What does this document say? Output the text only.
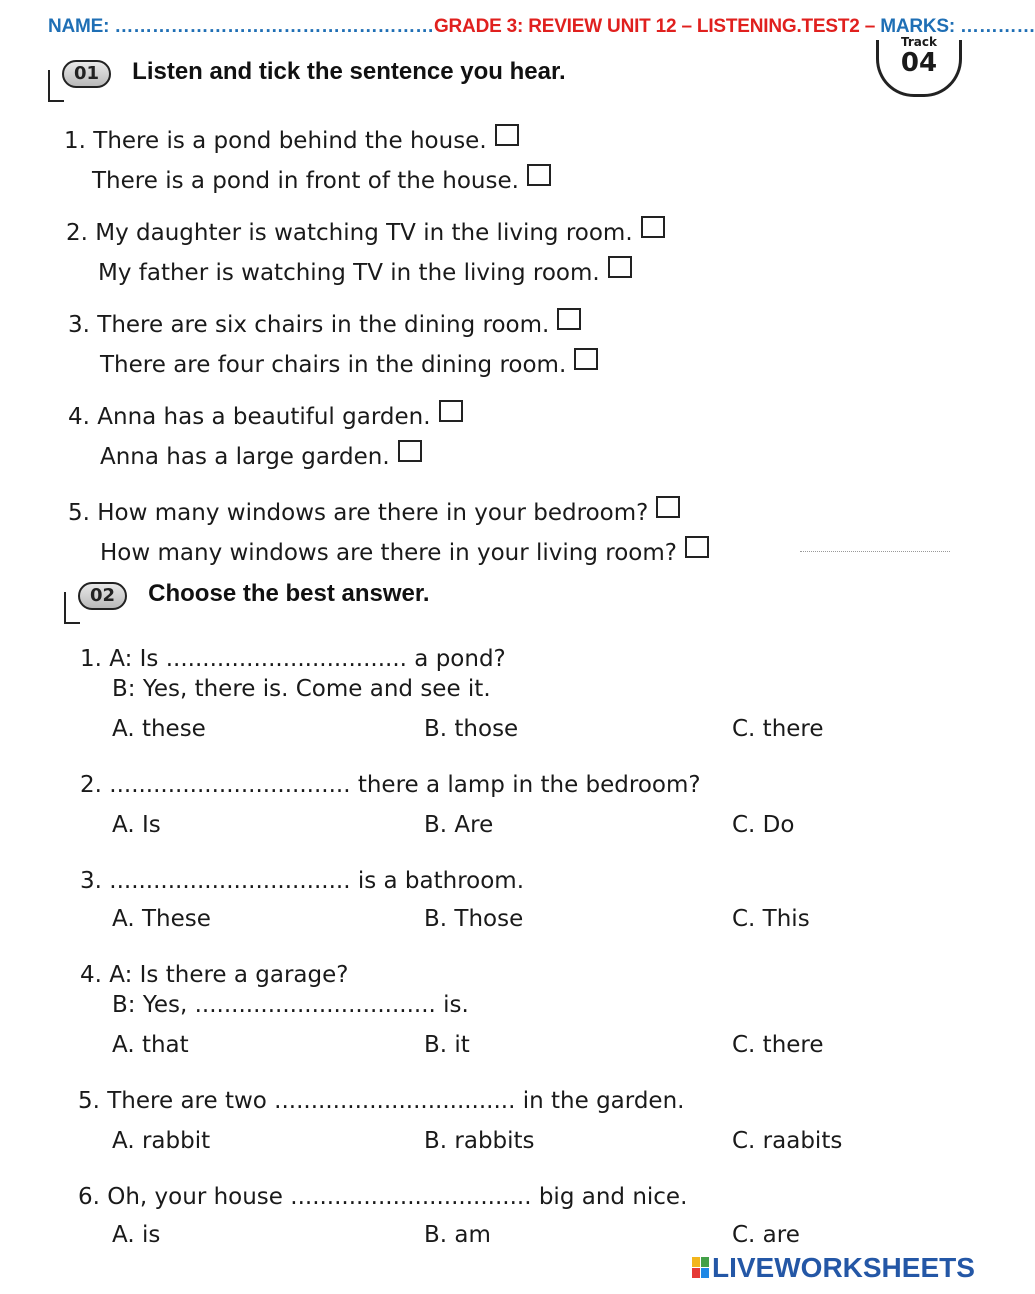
NAME: ……………………………………………GRADE 3: REVIEW UNIT 12 – LISTENING.TEST2 – MARKS: …………
01 Listen and tick the sentence you hear.
Track
04
1. There is a pond behind the house.
There is a pond in front of the house.
2. My daughter is watching TV in the living room.
My father is watching TV in the living room.
3. There are six chairs in the dining room.
There are four chairs in the dining room.
4. Anna has a beautiful garden.
Anna has a large garden.
5. How many windows are there in your bedroom?
How many windows are there in your living room?
02 Choose the best answer.
1. A: Is ................................. a pond?
B: Yes, there is. Come and see it.
A. these	B. those	C. there
2. ................................. there a lamp in the bedroom?
A. Is	B. Are	C. Do
3. ................................. is a bathroom.
A. These	B. Those	C. This
4. A: Is there a garage?
B: Yes, ................................. is.
A. that	B. it	C. there
5. There are two ................................. in the garden.
A. rabbit	B. rabbits	C. raabits
6. Oh, your house ................................. big and nice.
A. is	B. am	C. are
LIVEWORKSHEETS
